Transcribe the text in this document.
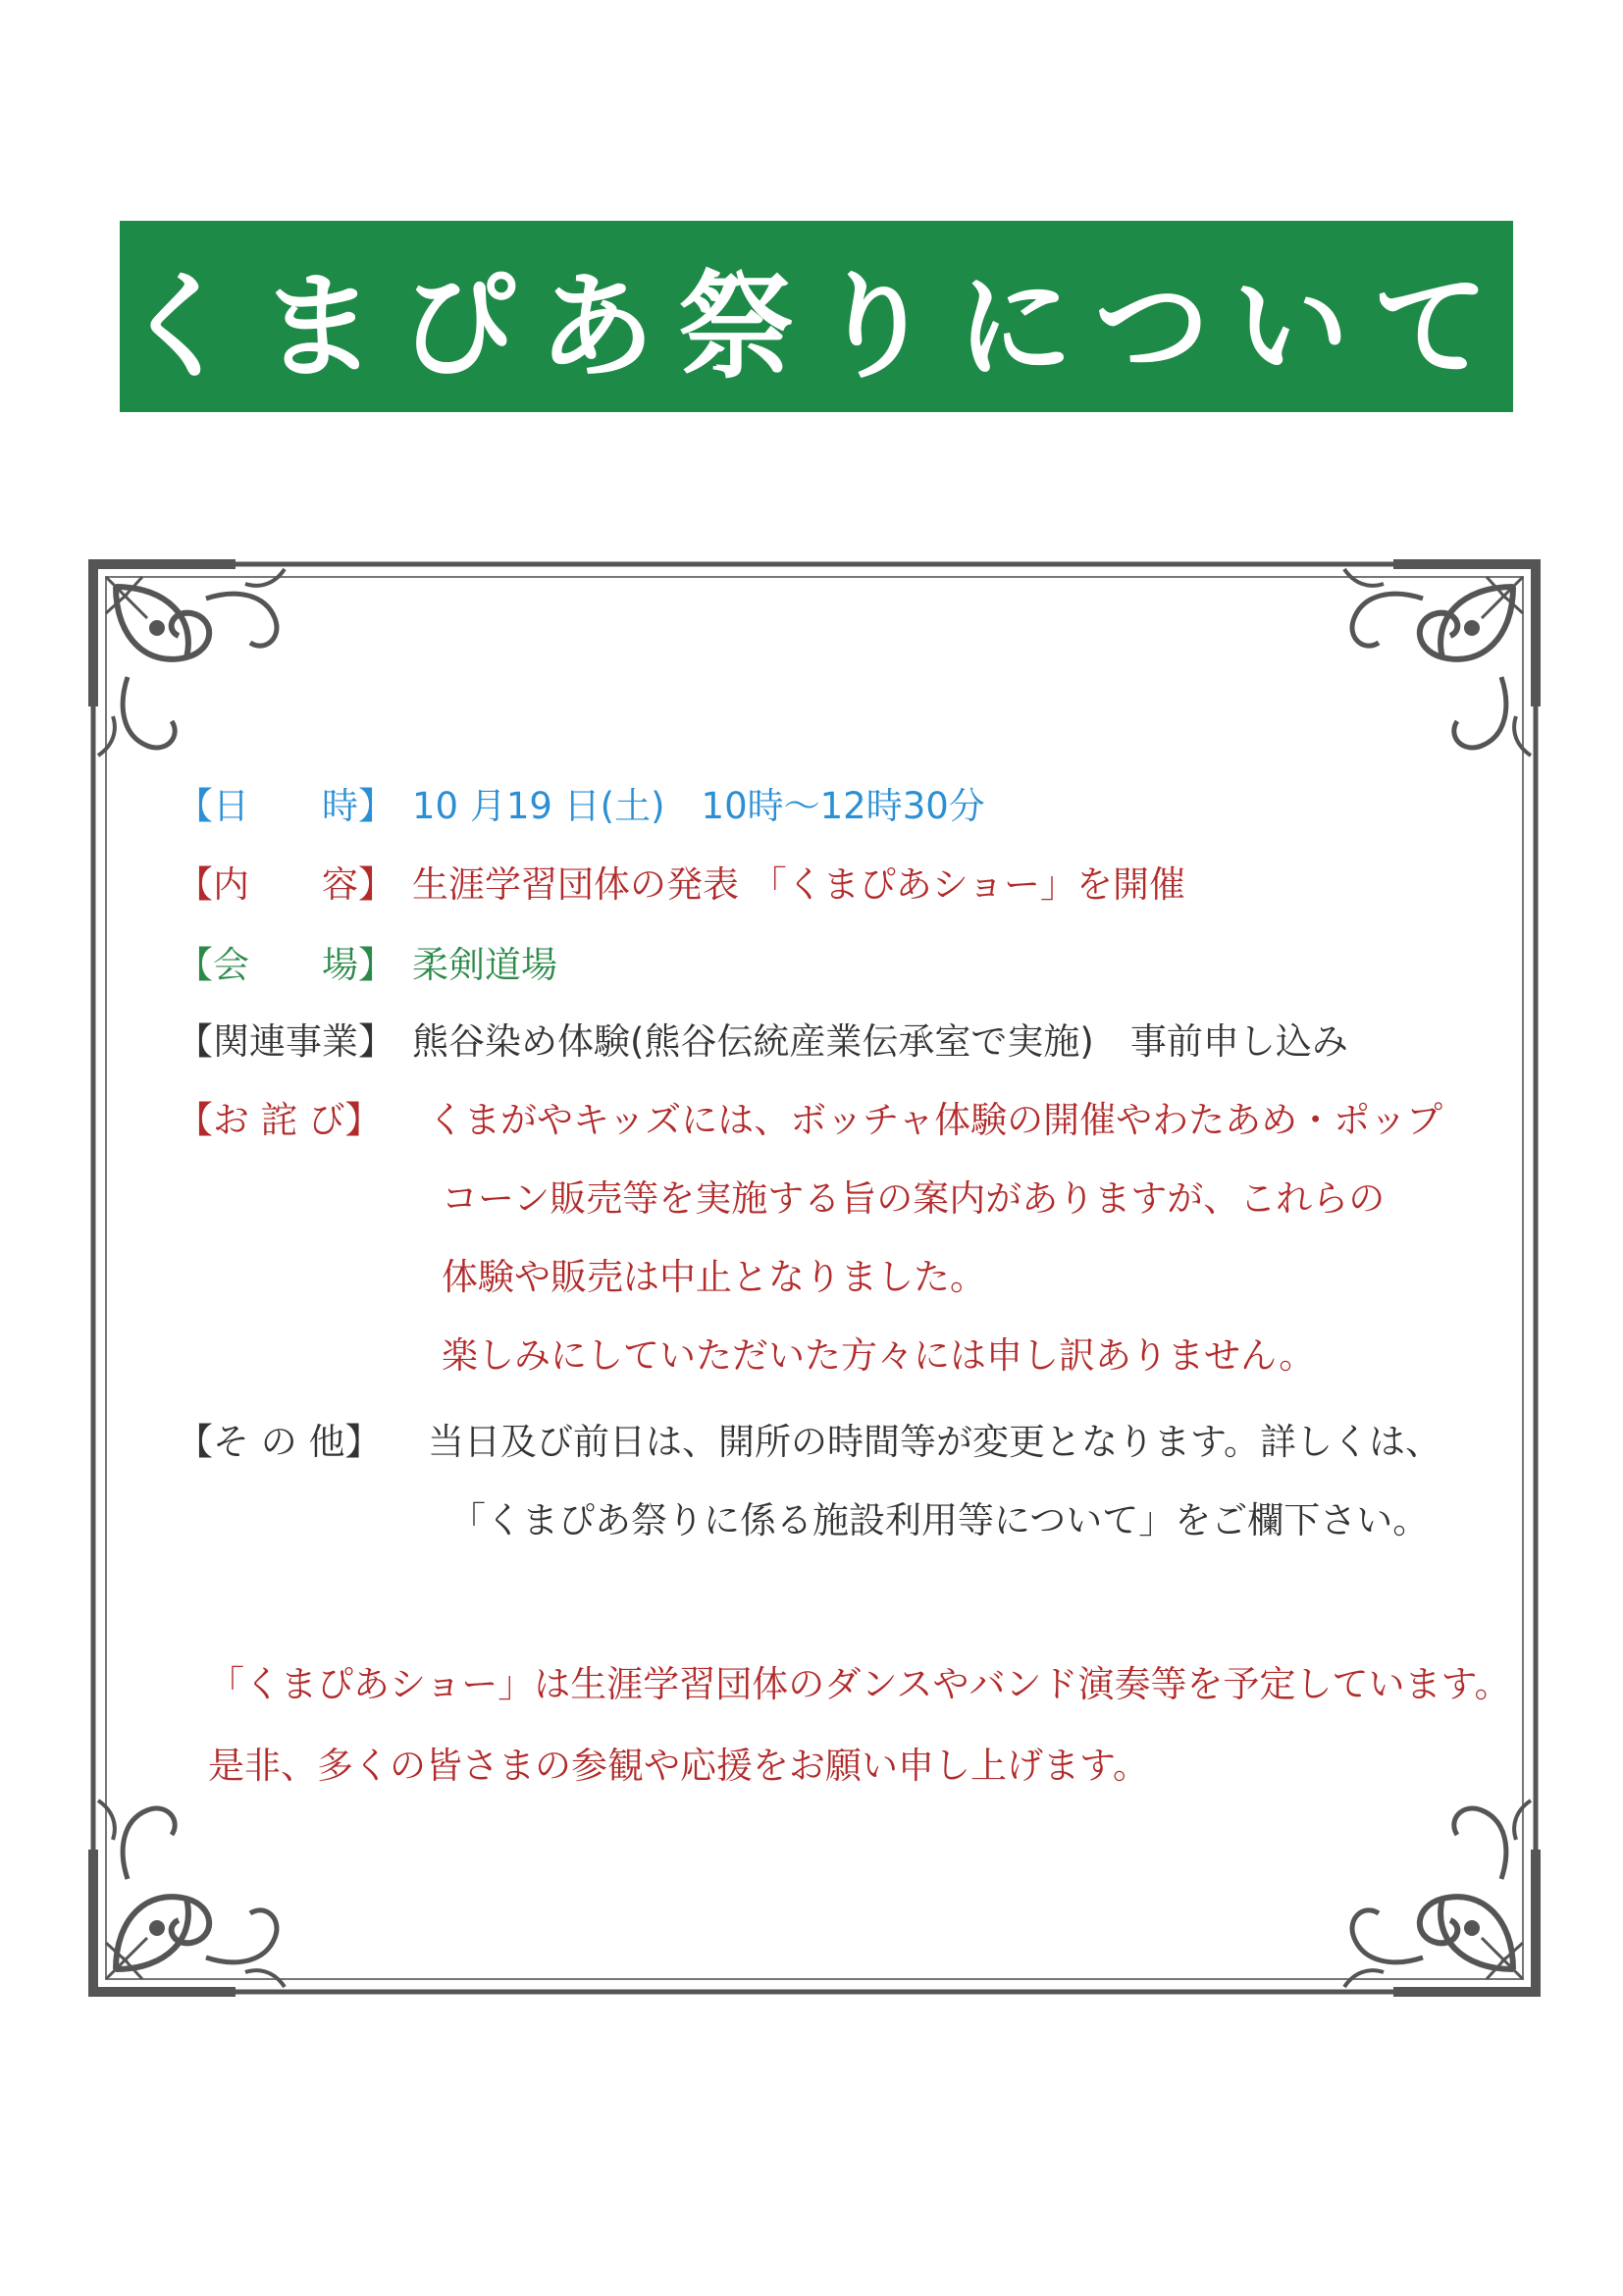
くまぴあ祭りについて
【日　　時】 10 月19 日(土)　10時～12時30分
【内　　容】 生涯学習団体の発表 「くまぴあショー」を開催
【会　　場】 柔剣道場
【関連事業】 熊谷染め体験(熊谷伝統産業伝承室で実施)　事前申し込み
【お 詫 び】 くまがやキッズには、ボッチャ体験の開催やわたあめ・ポップ
コーン販売等を実施する旨の案内がありますが、これらの
体験や販売は中止となりました。
楽しみにしていただいた方々には申し訳ありません。
【そ の 他】 当日及び前日は、開所の時間等が変更となります。詳しくは、
「くまぴあ祭りに係る施設利用等について」をご欄下さい。
「くまぴあショー」は生涯学習団体のダンスやバンド演奏等を予定しています。
是非、多くの皆さまの参観や応援をお願い申し上げます。
